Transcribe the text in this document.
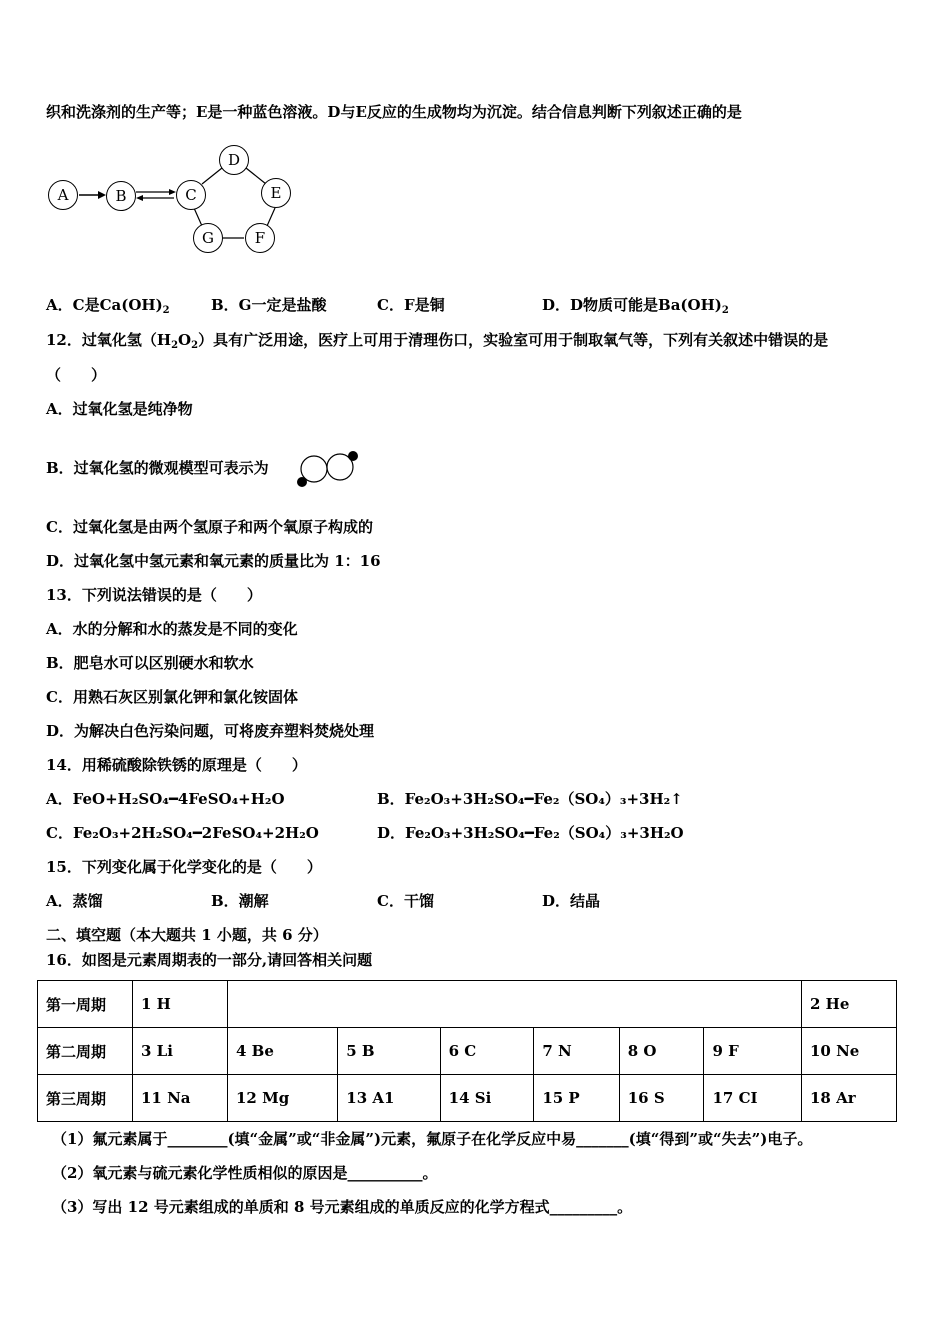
织和洗涤剂的生产等；E是一种蓝色溶液。D与E反应的生成物均为沉淀。结合信息判断下列叙述正确的是
A	B	C
D
E
F
G
A．C是$Ca(OH)_2$	B．G一定是盐酸	C．F是铜	D．D物质可能是$Ba(OH)_2$
12．过氧化氢$(H_2O_2)$具有广泛用途，医疗上可用于清理伤口，实验室可用于制取氧气等，下列有关叙述中错误的是
（　　）
A．过氧化氢是纯净物
B．过氧化氢的微观模型可表示为
C．过氧化氢是由两个氢原子和两个氧原子构成的
D．过氧化氢中氢元素和氧元素的质量比为 1：16
13．下列说法错误的是（　　）
A．水的分解和水的蒸发是不同的变化
B．肥皂水可以区别硬水和软水
C．用熟石灰区别氯化钾和氯化铵固体
D．为解决白色污染问题，可将废弃塑料焚烧处理
14．用稀硫酸除铁锈的原理是（　　）
A．FeO+H₂SO₄━4FeSO₄+H₂O	B．Fe₂O₃+3H₂SO₄━Fe₂（SO₄）₃+3H₂↑
C．Fe₂O₃+2H₂SO₄━2FeSO₄+2H₂O	D．Fe₂O₃+3H₂SO₄━Fe₂（SO₄）₃+3H₂O
15．下列变化属于化学变化的是（　　）
A．蒸馏	B．潮解	C．干馏	D．结晶
二、填空题（本大题共 1 小题，共 6 分）
16．如图是元素周期表的一部分,请回答相关问题
第一周期	1 H							2 He
第二周期	3 Li	4 Be	5 B	6 C	7 N	8 O	9 F	10 Ne
第三周期	11 Na	12 Mg	13 A1	14 Si	15 P	16 S	17 CI	18 Ar
（1）氟元素属于________(填“金属”或“非金属”)元素，氟原子在化学反应中易_______(填“得到”或“失去”)电子。
（2）氧元素与硫元素化学性质相似的原因是__________。
（3）写出 12 号元素组成的单质和 8 号元素组成的单质反应的化学方程式_________。
